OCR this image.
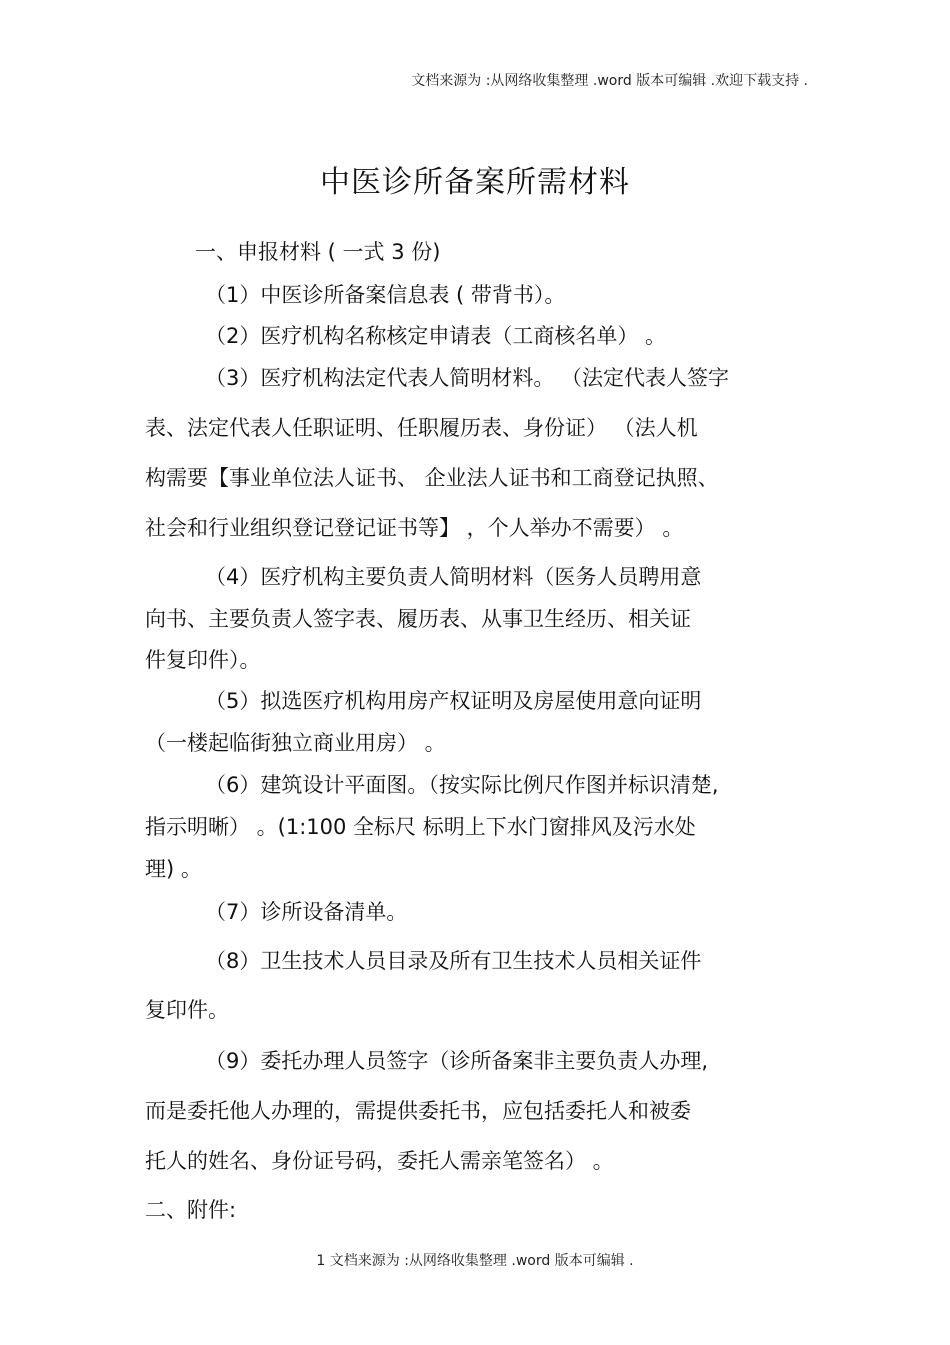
文档来源为 :从网络收集整理 .word 版本可编辑 .欢迎下载支持 .
中医诊所备案所需材料
一、申报材料 ( 一式 3 份)
（1）中医诊所备案信息表 ( 带背书）。
（2）医疗机构名称核定申请表（工商核名单） 。
（3）医疗机构法定代表人简明材料。 （法定代表人签字
表、法定代表人任职证明、任职履历表、身份证） （法人机
构需要【事业单位法人证书、 企业法人证书和工商登记执照、
社会和行业组织登记登记证书等】 ，个人举办不需要） 。
（4）医疗机构主要负责人简明材料（医务人员聘用意
向书、主要负责人签字表、履历表、从事卫生经历、相关证
件复印件）。
（5）拟选医疗机构用房产权证明及房屋使用意向证明
（一楼起临街独立商业用房） 。
（6）建筑设计平面图。（按实际比例尺作图并标识清楚,
指示明晰） 。(1:100 全标尺 标明上下水门窗排风及污水处
理) 。
（7）诊所设备清单。
（8）卫生技术人员目录及所有卫生技术人员相关证件
复印件。
（9）委托办理人员签字（诊所备案非主要负责人办理,
而是委托他人办理的，需提供委托书，应包括委托人和被委
托人的姓名、身份证号码，委托人需亲笔签名） 。
二、附件:
1 文档来源为 :从网络收集整理 .word 版本可编辑 .
